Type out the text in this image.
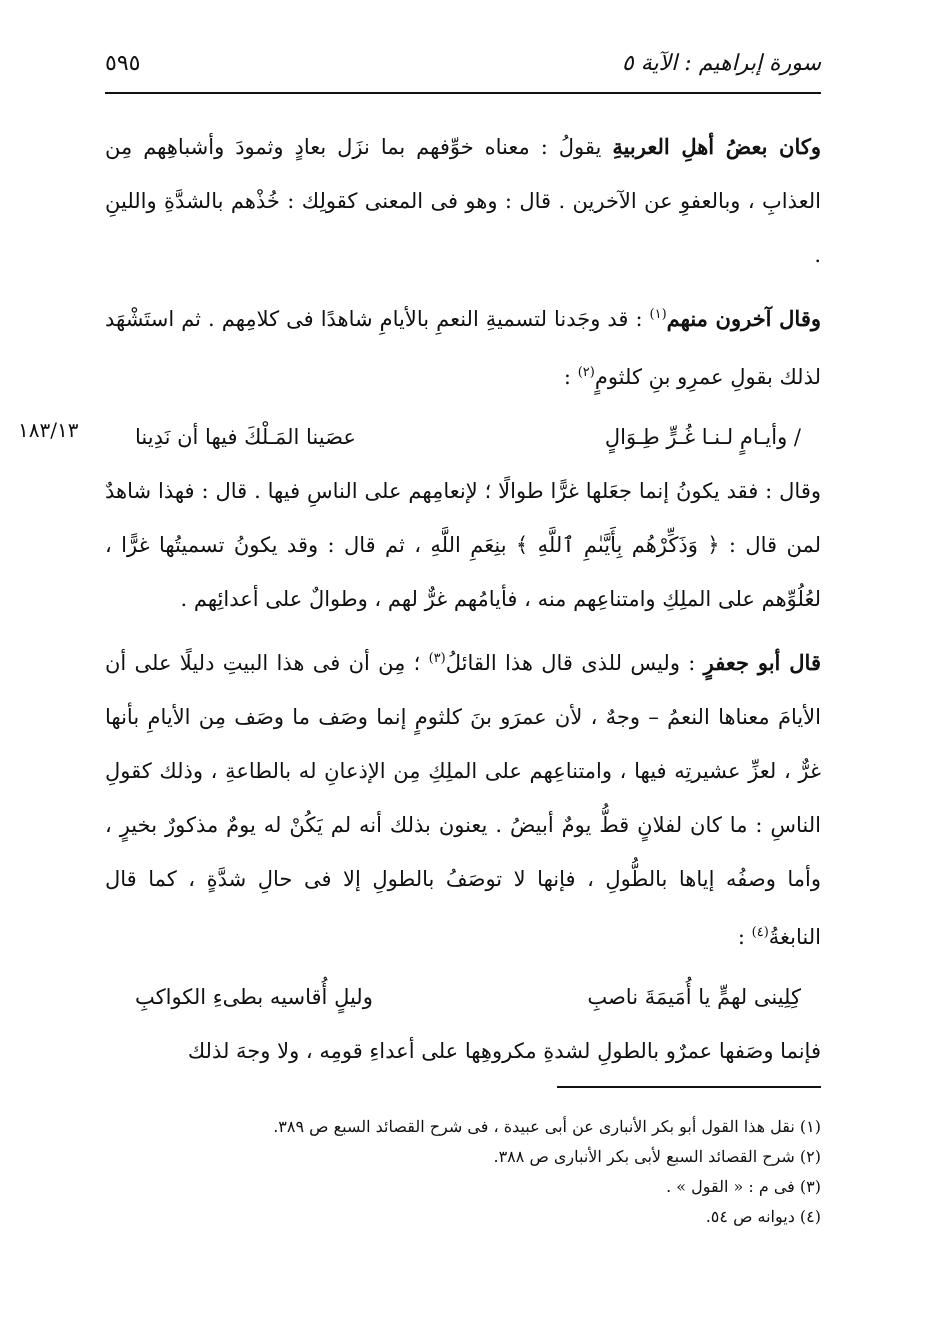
سورة إبراهيم : الآية ٥
٥٩٥
١٨٣/١٣

وكان بعضُ أهلِ العربيةِ يقولُ : معناه خوِّفهم بما نزَل بعادٍ وثمودَ وأشباهِهم مِن العذابِ ، وبالعفوِ عن الآخرين . قال : وهو فى المعنى كقولِك : خُذْهم بالشدَّةِ واللينِ .

وقال آخرون منهم$^{(١)}$ : قد وجَدنا لتسميةِ النعمِ بالأيامِ شاهدًا فى كلامِهم . ثم استَشْهَد لذلك بقولِ عمرِو بنِ كلثومٍ$^{(٢)}$ :

/ وأيـامٍ لـنـا غُـرٍّ طِـوَالٍ
عصَينا المَـلْكَ فيها أن نَدِينا

وقال : فقد يكونُ إنما جعَلها غرًّا طوالًا ؛ لإنعامِهم على الناسِ فيها . قال : فهذا شاهدٌ لمن قال : ﴿ وَذَكِّرْهُم بِأَيَّىٰمِ ٱللَّهِ ﴾ بنِعَمِ اللَّهِ ، ثم قال : وقد يكونُ تسميتُها غرًّا ، لعُلُوِّهم على الملِكِ وامتناعِهم منه ، فأيامُهم غرٌّ لهم ، وطوالٌ على أعدائِهم .

قال أبو جعفرٍ : وليس للذى قال هذا القائلُ$^{(٣)}$ ؛ مِن أن فى هذا البيتِ دليلًا على أن الأيامَ معناها النعمُ – وجهٌ ، لأن عمرَو بنَ كلثومٍ إنما وصَف ما وصَف مِن الأيامِ بأنها غرٌّ ، لعزِّ عشيرتِه فيها ، وامتناعِهم على الملِكِ مِن الإذعانِ له بالطاعةِ ، وذلك كقولِ الناسِ : ما كان لفلانٍ قطُّ يومٌ أبيضُ . يعنون بذلك أنه لم يَكُنْ له يومٌ مذكورٌ بخيرٍ ، وأما وصفُه إياها بالطُّولِ ، فإنها لا توصَفُ بالطولِ إلا فى حالِ شدَّةٍ ، كما قال النابغةُ$^{(٤)}$ :

كِلِينى لهمٍّ يا أُمَيمَةَ ناصبِ
وليلٍ أُقاسيه بطىءِ الكواكبِ

فإنما وصَفها عمرٌو بالطولِ لشدةِ مكروهِها على أعداءِ قومِه ، ولا وجهَ لذلك

(١) نقل هذا القول أبو بكر الأنبارى عن أبى عبيدة ، فى شرح القصائد السبع ص ٣٨٩.
(٢) شرح القصائد السبع لأبى بكر الأنبارى ص ٣٨٨.
(٣) فى م : « القول » .
(٤) ديوانه ص ٥٤.
